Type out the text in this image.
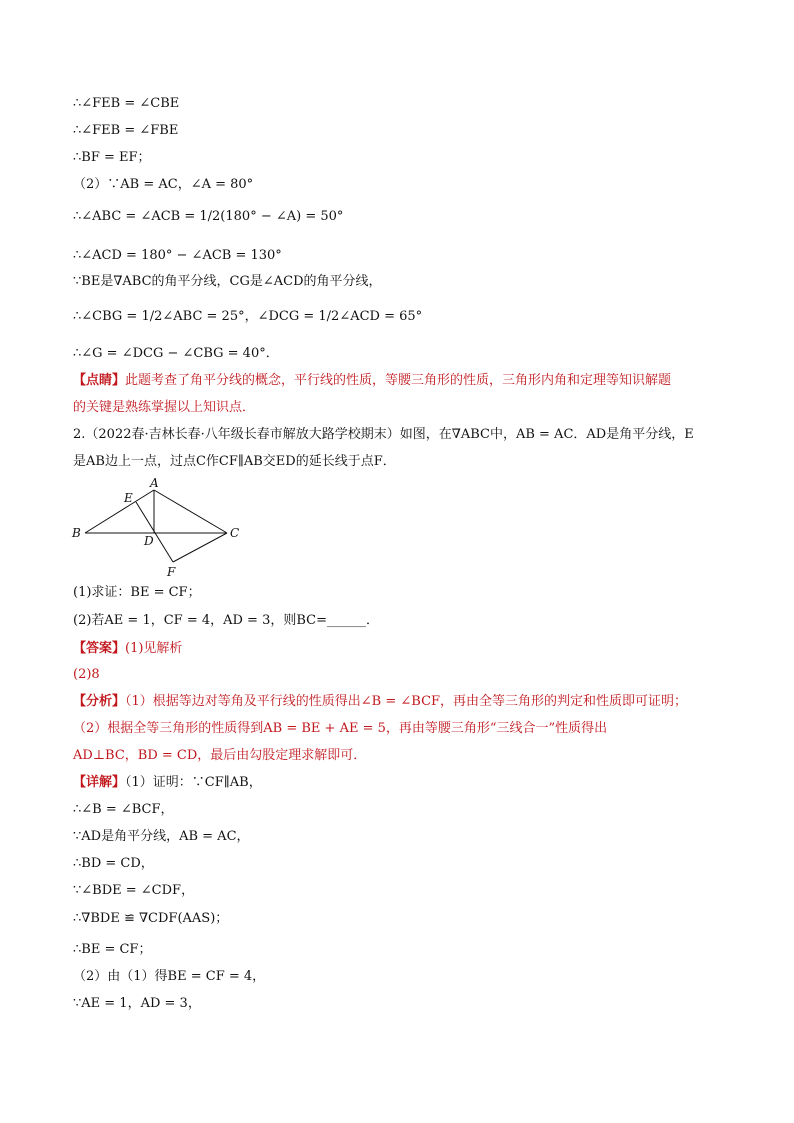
∴∠FEB = ∠CBE
∴∠FEB = ∠FBE
∴BF = EF；
（2）∵AB = AC，∠A = 80°
∴∠ABC = ∠ACB = 1/2(180° − ∠A) = 50°
∴∠ACD = 180° − ∠ACB = 130°
∵BE是∇ABC的角平分线，CG是∠ACD的角平分线，
∴∠CBG = 1/2∠ABC = 25°，∠DCG = 1/2∠ACD = 65°
∴∠G = ∠DCG − ∠CBG = 40°．
【点睛】此题考查了角平分线的概念，平行线的性质，等腰三角形的性质，三角形内角和定理等知识解题
的关键是熟练掌握以上知识点．
2.（2022春·吉林长春·八年级长春市解放大路学校期末）如图，在∇ABC中，AB = AC．AD是角平分线，E
是AB边上一点，过点C作CF∥AB交ED的延长线于点F．
A
B	C
D
E
F
(1)求证：BE = CF；
(2)若AE = 1，CF = 4，AD = 3，则BC=______．
【答案】(1)见解析
(2)8
【分析】（1）根据等边对等角及平行线的性质得出∠B = ∠BCF，再由全等三角形的判定和性质即可证明；
（2）根据全等三角形的性质得到AB = BE + AE = 5，再由等腰三角形“三线合一”性质得出
AD⊥BC，BD = CD，最后由勾股定理求解即可．
【详解】（1）证明：∵CF∥AB，
∴∠B = ∠BCF，
∵AD是角平分线，AB = AC，
∴BD = CD，
∵∠BDE = ∠CDF，
∴∇BDE ≌ ∇CDF(AAS)；
∴BE = CF；
（2）由（1）得BE = CF = 4，
∵AE = 1，AD = 3，
